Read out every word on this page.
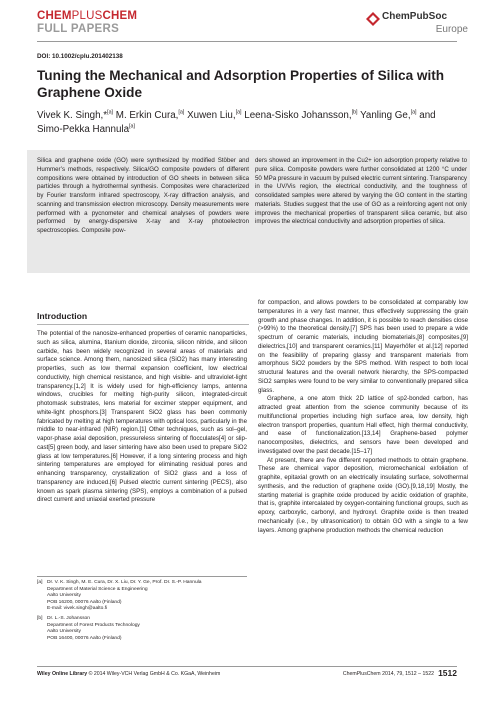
CHEMPLUSCHEM
FULL PAPERS
ChemPubSoc
Europe
DOI: 10.1002/cplu.201402138
Tuning the Mechanical and Adsorption Properties of Silica with Graphene Oxide
Vivek K. Singh,*[a] M. Erkin Cura,[a] Xuwen Liu,[a] Leena-Sisko Johansson,[b] Yanling Ge,[a] and
Simo-Pekka Hannula[a]
Silica and graphene oxide (GO) were synthesized by modified Stöber and Hummer’s methods, respectively. Silica/GO composite powders of different compositions were obtained by introduction of GO sheets in between silica particles through a hydrothermal synthesis. Composites were characterized by Fourier transform infrared spectroscopy, X-ray diffraction analysis, and scanning and transmission electron microscopy. Density measurements were performed with a pycnometer and chemical analyses of powders were performed by energy-dispersive X-ray and X-ray photoelectron spectroscopies. Composite pow-
ders showed an improvement in the Cu2+ ion adsorption property relative to pure silica. Composite powders were further consolidated at 1200 °C under 50 MPa pressure in vacuum by pulsed electric current sintering. Transparency in the UV/Vis region, the electrical conductivity, and the toughness of consolidated samples were altered by varying the GO content in the starting materials. Studies suggest that the use of GO as a reinforcing agent not only improves the mechanical properties of transparent silica ceramic, but also improves the electrical conductivity and adsorption properties of silica.
Introduction

The potential of the nanosize-enhanced properties of ceramic nanoparticles, such as silica, alumina, titanium dioxide, zirconia, silicon nitride, and silicon carbide, has been widely recognized in several areas of materials and surface science. Among them, nanosized silica (SiO2) has many interesting properties, such as low thermal expansion coefficient, low electrical conductivity, high chemical resistance, and high visible- and ultraviolet-light transparency.[1,2] It is widely used for high-efficiency lamps, antenna windows, crucibles for melting high-purity silicon, integrated-circuit photomask substrates, lens material for excimer stepper equipment, and white-light phosphors.[3] Transparent SiO2 glass has been commonly fabricated by melting at high temperatures with optical loss, particularly in the middle to near-infrared (NIR) region.[1] Other techniques, such as sol–gel, vapor-phase axial deposition, pressureless sintering of flocculates[4] or slip-cast[5] green body, and laser sintering have also been used to prepare SiO2 glass at low temperatures.[6] However, if a long sintering process and high sintering temperatures are employed for eliminating residual pores and enhancing transparency, crystallization of SiO2 glass and a loss of transparency are induced.[6] Pulsed electric current sintering (PECS), also known as spark plasma sintering (SPS), employs a combination of a pulsed direct current and uniaxial exerted pressure

for compaction, and allows powders to be consolidated at comparably low temperatures in a very fast manner, thus effectively suppressing the grain growth and phase changes. In addition, it is possible to reach densities close (>99%) to the theoretical density.[7] SPS has been used to prepare a wide spectrum of ceramic materials, including biomaterials,[8] composites,[9] dielectrics,[10] and transparent ceramics.[11] Mayerhöfer et al.[12] reported on the feasibility of preparing glassy and transparent materials from amorphous SiO2 powders by the SPS method. With respect to both local structural features and the overall network hierarchy, the SPS-compacted SiO2 samples were found to be very similar to conventionally prepared silica glass.

Graphene, a one atom thick 2D lattice of sp2-bonded carbon, has attracted great attention from the science community because of its multifunctional properties including high surface area, low density, high electron transport properties, quantum Hall effect, high thermal conductivity, and ease of functionalization.[13,14] Graphene-based polymer nanocomposites, dielectrics, and sensors have been developed and investigated over the past decade.[15–17]

At present, there are five different reported methods to obtain graphene. These are chemical vapor deposition, micromechanical exfoliation of graphite, epitaxial growth on an electrically insulating surface, solvothermal synthesis, and the reduction of graphene oxide (GO).[9,18,19] Mostly, the starting material is graphite oxide produced by acidic oxidation of graphite, that is, graphite intercalated by oxygen-containing functional groups, such as epoxy, carboxylic, carbonyl, and hydroxyl. Graphite oxide is then treated mechanically (i.e., by ultrasonication) to obtain GO with a single to a few layers. Among graphene production methods the chemical reduction

[a] Dr. V. K. Singh, M. E. Cura, Dr. X. Liu, Dr. Y. Ge, Prof. Dr. S.-P. Hannula
Department of Material Science & Engineering
Aalto University
POB 16200, 00076 Aalto (Finland)
E-mail: vivek.singh@aalto.fi
[b] Dr. L.-S. Johansson
Department of Forest Products Technology
Aalto University
POB 16400, 00076 Aalto (Finland)
Wiley Online Library © 2014 Wiley-VCH Verlag GmbH & Co. KGaA, Weinheim	ChemPlusChem 2014, 79, 1512 – 1522 1512
